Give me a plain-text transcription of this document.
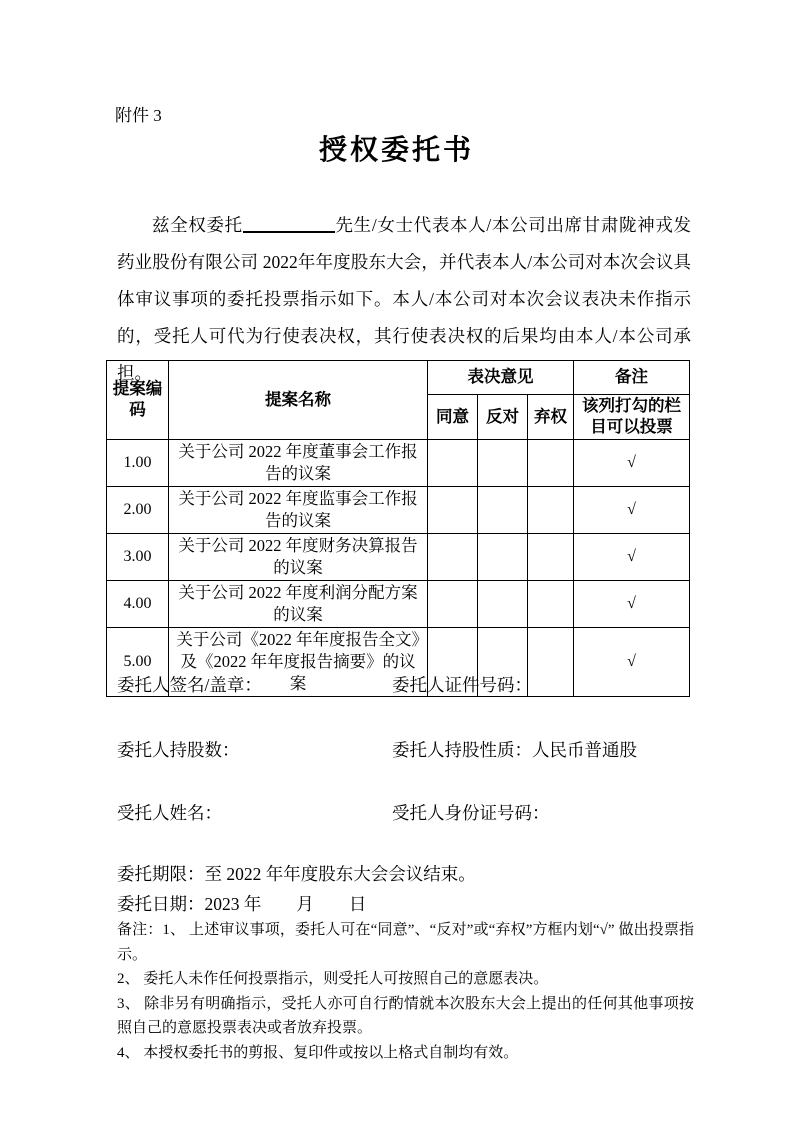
附件 3
授权委托书

兹全权委托	先生/女士代表本人/本公司出席甘肃陇神戎发药业股份有限公司 2022年年度股东大会，并代表本人/本公司对本次会议具体审议事项的委托投票指示如下。本人/本公司对本次会议表决未作指示的，受托人可代为行使表决权，其行使表决权的后果均由本人/本公司承担。

提案编码	提案名称	表决意见			备注
		同意	反对	弃权	该列打勾的栏目可以投票
1.00	关于公司 2022 年度董事会工作报告的议案				√
2.00	关于公司 2022 年度监事会工作报告的议案				√
3.00	关于公司 2022 年度财务决算报告的议案				√
4.00	关于公司 2022 年度利润分配方案的议案				√
5.00	关于公司《2022 年年度报告全文》及《2022 年年度报告摘要》的议案				√
委托人签名/盖章：	委托人证件号码：
委托人持股数：	委托人持股性质：人民币普通股
受托人姓名：	受托人身份证号码：
委托期限：至 2022 年年度股东大会会议结束。
委托日期：2023 年　　月　　日

备注：1、 上述审议事项，委托人可在“同意”、“反对”或“弃权”方框内划“√” 做出投票指示。

2、 委托人未作任何投票指示，则受托人可按照自己的意愿表决。

3、 除非另有明确指示，受托人亦可自行酌情就本次股东大会上提出的任何其他事项按照自己的意愿投票表决或者放弃投票。

4、 本授权委托书的剪报、复印件或按以上格式自制均有效。
